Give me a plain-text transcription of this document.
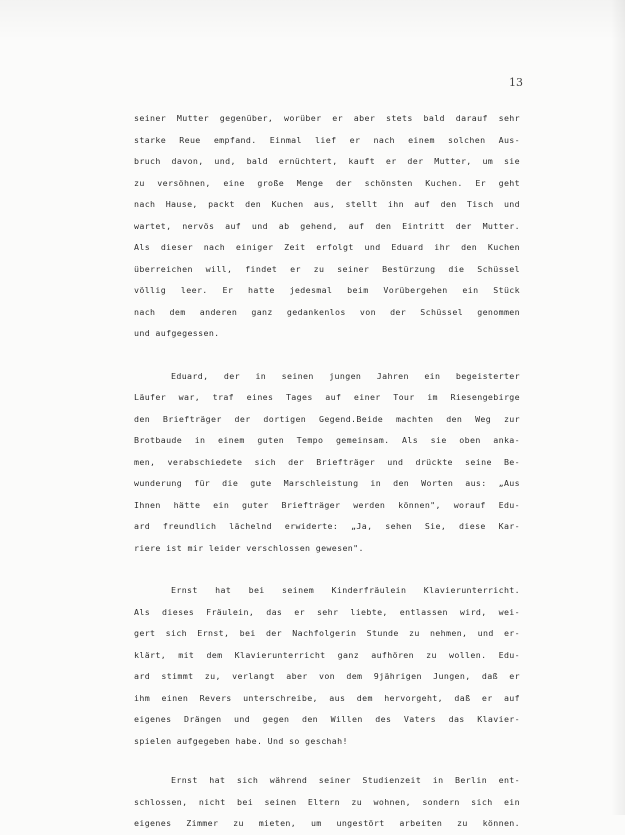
13
seiner Mutter gegenüber, worüber er aber stets bald darauf sehr
starke Reue empfand. Einmal lief er nach einem solchen Aus-
bruch davon, und, bald ernüchtert, kauft er der Mutter, um sie
zu versöhnen, eine große Menge der schönsten Kuchen. Er geht
nach Hause, packt den Kuchen aus, stellt ihn auf den Tisch und
wartet, nervös auf und ab gehend, auf den Eintritt der Mutter.
Als dieser nach einiger Zeit erfolgt und Eduard ihr den Kuchen
überreichen will, findet er zu seiner Bestürzung die Schüssel
völlig leer. Er hatte jedesmal beim Vorübergehen ein Stück
nach dem anderen ganz gedankenlos von der Schüssel genommen
und aufgegessen.
Eduard, der in seinen jungen Jahren ein begeisterter
Läufer war, traf eines Tages auf einer Tour im Riesengebirge
den Briefträger der dortigen Gegend.Beide machten den Weg zur
Brotbaude in einem guten Tempo gemeinsam. Als sie oben anka-
men, verabschiedete sich der Briefträger und drückte seine Be-
wunderung für die gute Marschleistung in den Worten aus: „Aus
Ihnen hätte ein guter Briefträger werden können", worauf Edu-
ard freundlich lächelnd erwiderte: „Ja, sehen Sie, diese Kar-
riere ist mir leider verschlossen gewesen".
Ernst hat bei seinem Kinderfräulein Klavierunterricht.
Als dieses Fräulein, das er sehr liebte, entlassen wird, wei-
gert sich Ernst, bei der Nachfolgerin Stunde zu nehmen, und er-
klärt, mit dem Klavierunterricht ganz aufhören zu wollen. Edu-
ard stimmt zu, verlangt aber von dem 9jährigen Jungen, daß er
ihm einen Revers unterschreibe, aus dem hervorgeht, daß er auf
eigenes Drängen und gegen den Willen des Vaters das Klavier-
spielen aufgegeben habe. Und so geschah!
Ernst hat sich während seiner Studienzeit in Berlin ent-
schlossen, nicht bei seinen Eltern zu wohnen, sondern sich ein
eigenes Zimmer zu mieten, um ungestört arbeiten zu können.
